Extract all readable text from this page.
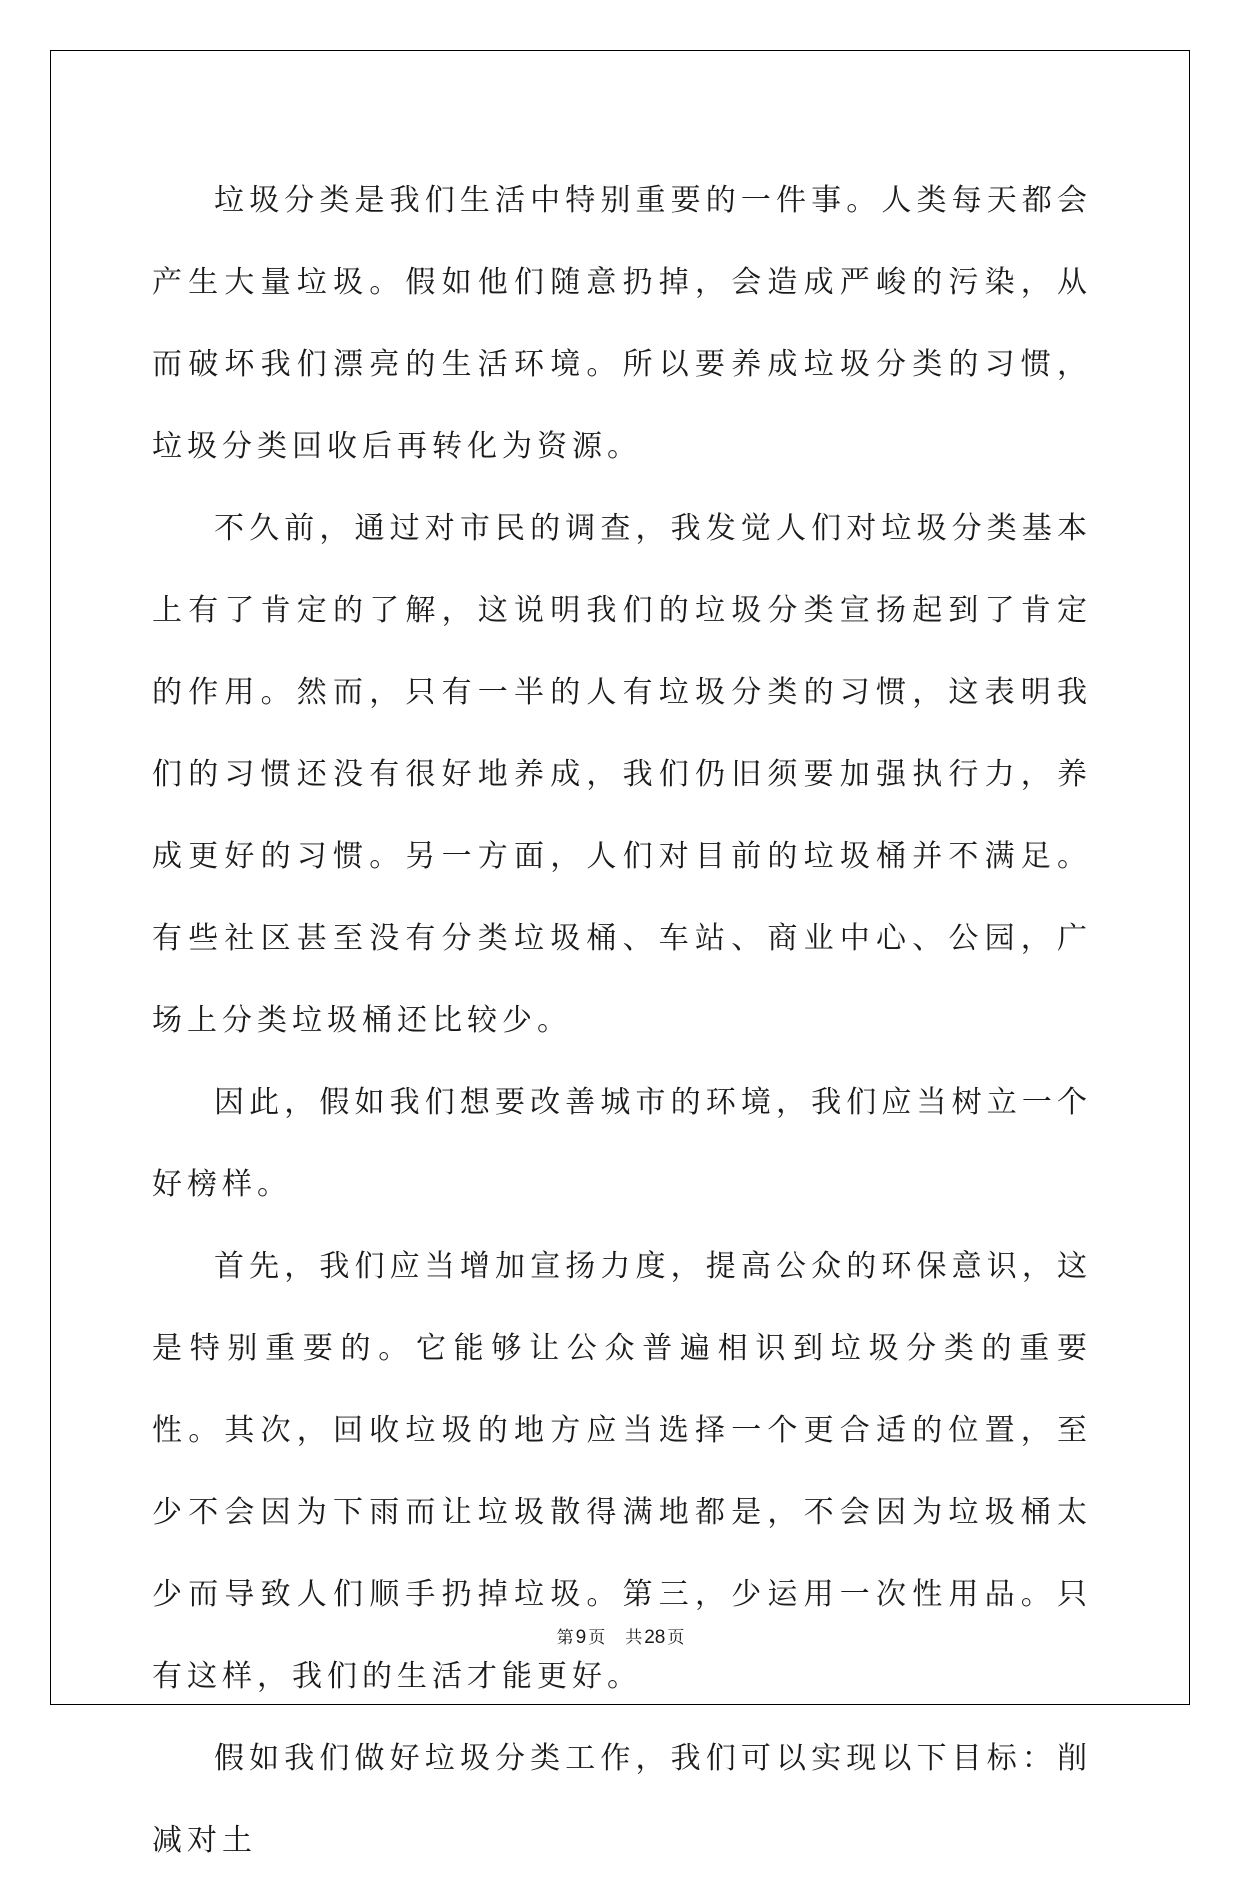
垃圾分类是我们生活中特别重要的一件事。人类每天都会产生大量垃圾。假如他们随意扔掉，会造成严峻的污染，从而破坏我们漂亮的生活环境。所以要养成垃圾分类的习惯，垃圾分类回收后再转化为资源。

不久前，通过对市民的调查，我发觉人们对垃圾分类基本上有了肯定的了解，这说明我们的垃圾分类宣扬起到了肯定的作用。然而，只有一半的人有垃圾分类的习惯，这表明我们的习惯还没有很好地养成，我们仍旧须要加强执行力，养成更好的习惯。另一方面，人们对目前的垃圾桶并不满足。有些社区甚至没有分类垃圾桶、车站、商业中心、公园，广场上分类垃圾桶还比较少。

因此，假如我们想要改善城市的环境，我们应当树立一个好榜样。

首先，我们应当增加宣扬力度，提高公众的环保意识，这是特别重要的。它能够让公众普遍相识到垃圾分类的重要性。其次，回收垃圾的地方应当选择一个更合适的位置，至少不会因为下雨而让垃圾散得满地都是，不会因为垃圾桶太少而导致人们顺手扔掉垃圾。第三，少运用一次性用品。只有这样，我们的生活才能更好。

假如我们做好垃圾分类工作，我们可以实现以下目标：削减对土

第 9 页 共 28 页
